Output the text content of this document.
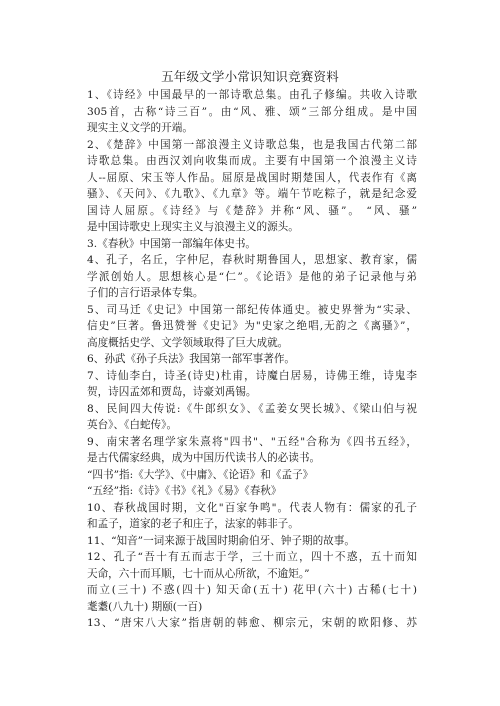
五年级文学小常识知识竞赛资料
1、《诗经》中国最早的一部诗歌总集。由孔子修编。共收入诗歌
305首，古称“诗三百”。由“风、雅、颂”三部分组成。是中国
现实主义文学的开端。
2、《楚辞》中国第一部浪漫主义诗歌总集，也是我国古代第二部
诗歌总集。由西汉刘向收集而成。主要有中国第一个浪漫主义诗
人--屈原、宋玉等人作品。屈原是战国时期楚国人，代表作有《离
骚》、《天问》、《九歌》、《九章》等。端午节吃粽子，就是纪念爱
国诗人屈原。《诗经》与《楚辞》并称“风、骚”。 “风、骚”
是中国诗歌史上现实主义与浪漫主义的源头。
3.《春秋》中国第一部编年体史书。
4、孔子，名丘，字仲尼，春秋时期鲁国人，思想家、教育家，儒
学派创始人。思想核心是“仁”。《论语》是他的弟子记录他与弟
子们的言行语录体专集。
5、司马迁《史记》中国第一部纪传体通史。被史界誉为“实录、
信史”巨著。鲁迅赞誉《史记》为"史家之绝唱,无韵之《离骚》”，
高度概括史学、文学领域取得了巨大成就。
6、孙武《孙子兵法》我国第一部军事著作。
7、诗仙李白，诗圣(诗史)杜甫，诗魔白居易，诗佛王维，诗鬼李
贺，诗囚孟郊和贾岛，诗豪刘禹锡。
8、民间四大传说:《牛郎织女》、《孟姜女哭长城》、《梁山伯与祝
英台》、《白蛇传》。
9、南宋著名理学家朱熹将"四书"、"五经"合称为《四书五经》，
是古代儒家经典，成为中国历代读书人的必读书。
“四书”指:《大学》、《中庸》、《论语》和《孟子》
“五经”指:《诗》《书》《礼》《易》《春秋》
10、春秋战国时期，文化"百家争鸣"。代表人物有：儒家的孔子
和孟子，道家的老子和庄子，法家的韩非子。
11、“知音”一词来源于战国时期俞伯牙、钟子期的故事。
12、孔子“吾十有五而志于学，三十而立，四十不惑，五十而知
天命，六十而耳顺，七十而从心所欲，不逾矩。”
而立(三十) 不惑(四十) 知天命(五十) 花甲(六十) 古稀(七十)
耄耋(八九十) 期颐(一百)
13、“唐宋八大家”指唐朝的韩愈、柳宗元，宋朝的欧阳修、苏
